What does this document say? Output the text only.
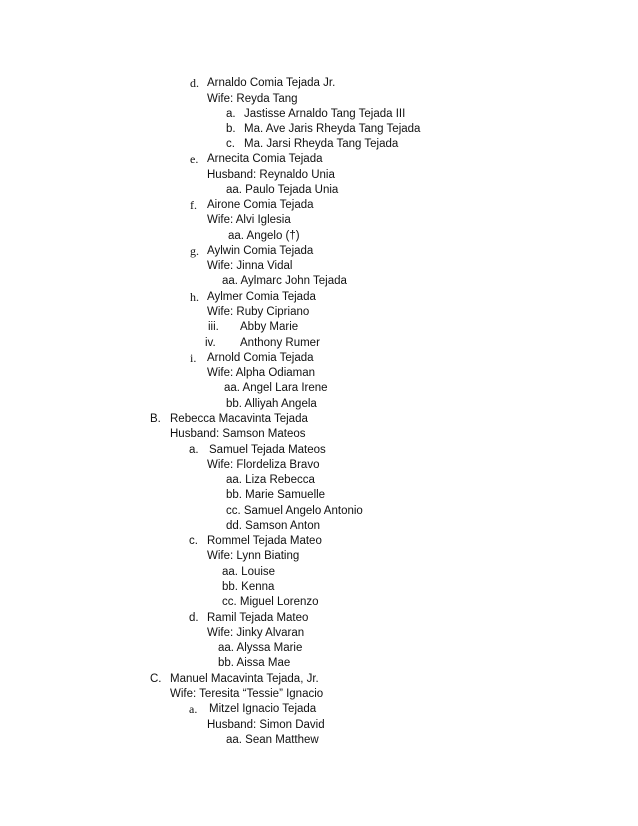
d. Arnaldo Comia Tejada Jr.
Wife: Reyda Tang
a. Jastisse Arnaldo Tang Tejada III
b. Ma. Ave Jaris Rheyda Tang Tejada
c. Ma. Jarsi Rheyda Tang Tejada
e. Arnecita Comia Tejada
Husband: Reynaldo Unia
aa. Paulo Tejada Unia
f. Airone Comia Tejada
Wife: Alvi Iglesia
aa. Angelo (†)
g. Aylwin Comia Tejada
Wife: Jinna Vidal
aa. Aylmarc John Tejada
h. Aylmer Comia Tejada
Wife: Ruby Cipriano
iii. Abby Marie
iv. Anthony Rumer
i. Arnold Comia Tejada
Wife: Alpha Odiaman
aa. Angel Lara Irene
bb. Alliyah Angela
B. Rebecca Macavinta Tejada
Husband: Samson Mateos
a. Samuel Tejada Mateos
Wife: Flordeliza Bravo
aa. Liza Rebecca
bb. Marie Samuelle
cc. Samuel Angelo Antonio
dd. Samson Anton
c. Rommel Tejada Mateo
Wife: Lynn Biating
aa. Louise
bb. Kenna
cc. Miguel Lorenzo
d. Ramil Tejada Mateo
Wife: Jinky Alvaran
aa. Alyssa Marie
bb. Aissa Mae
C. Manuel Macavinta Tejada, Jr.
Wife: Teresita “Tessie” Ignacio
a. Mitzel Ignacio Tejada
Husband: Simon David
aa. Sean Matthew
